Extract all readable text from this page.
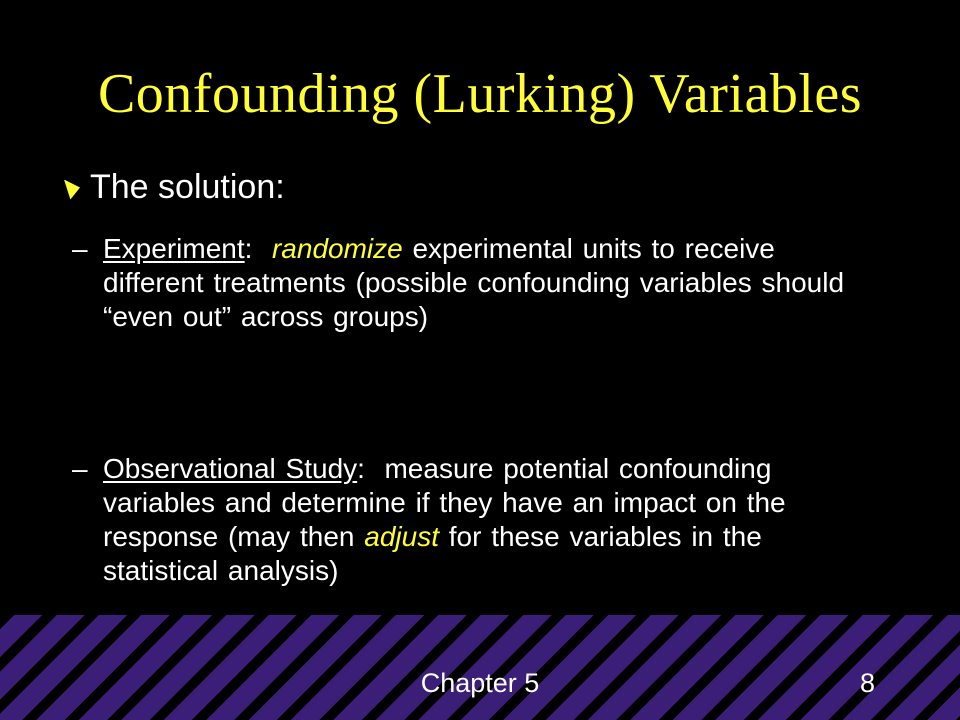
Confounding (Lurking) Variables
The solution:
– Experiment:  randomize experimental units to receive different treatments (possible confounding variables should “even out” across groups)
– Observational Study:  measure potential confounding variables and determine if they have an impact on the response (may then adjust for these variables in the statistical analysis)
Chapter 5	8
